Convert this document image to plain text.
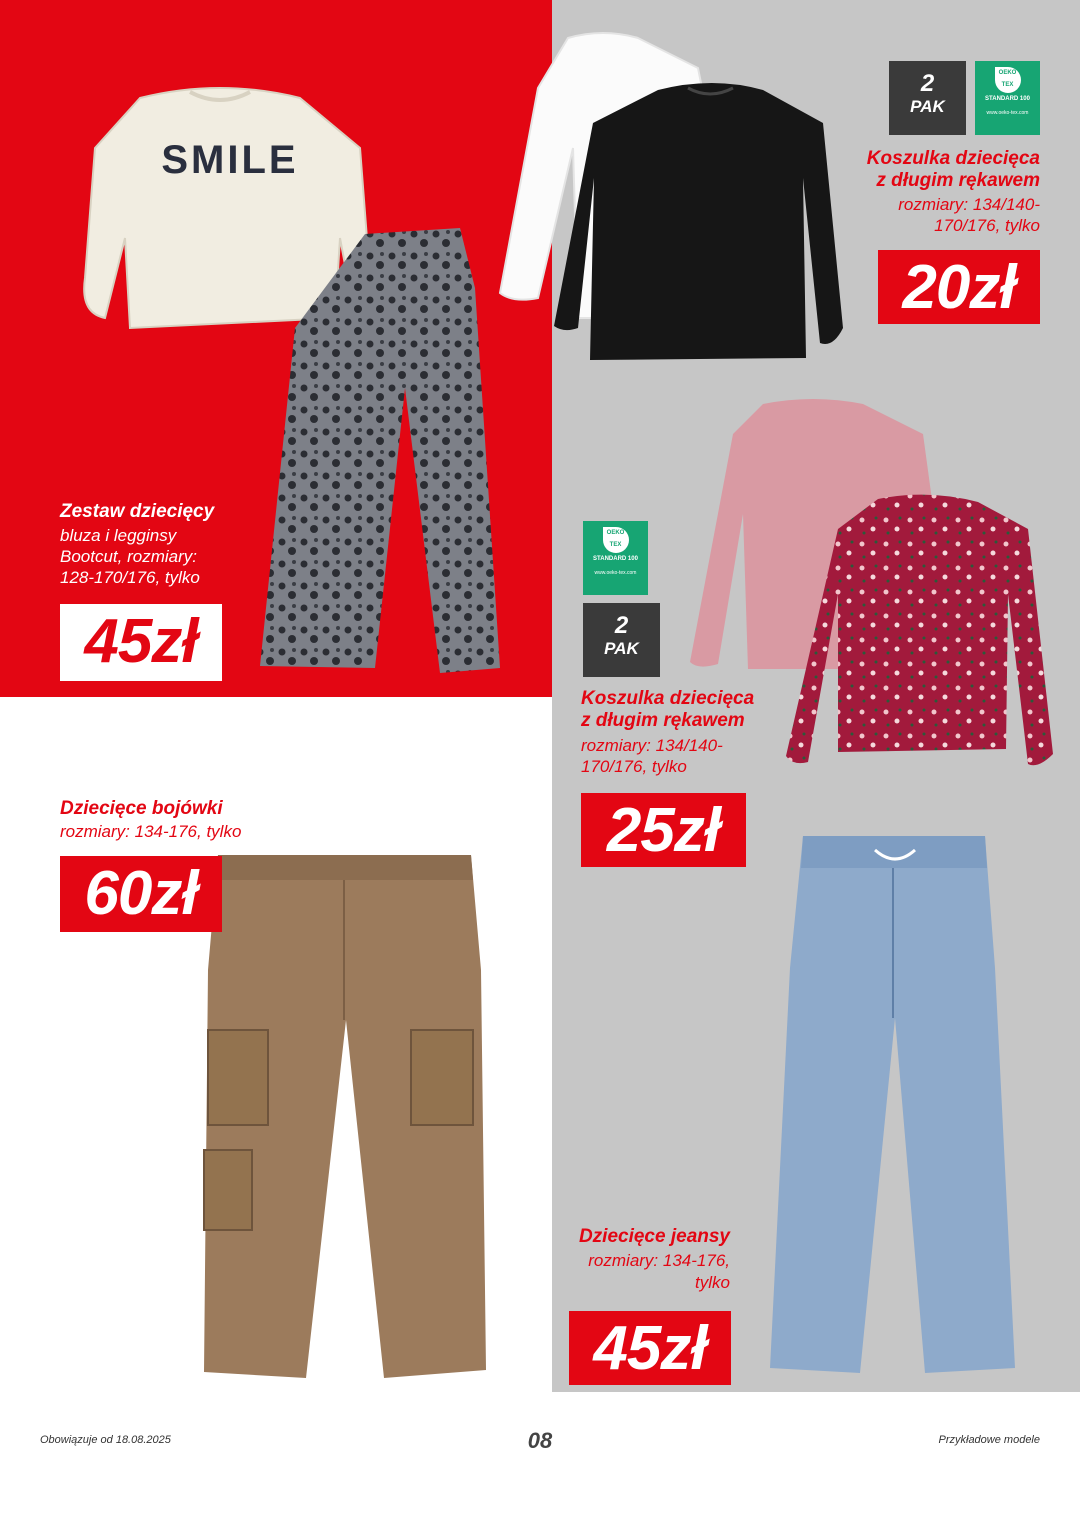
SMILE
Zestaw dziecięcy
bluza i legginsy
Bootcut, rozmiary:
128-170/176, tylko
45zł
2
PAK
OEKO TEX
STANDARD 100
www.oeko-tex.com
Koszulka dziecięca
z długim rękawem
rozmiary: 134/140-
170/176, tylko
20zł
OEKO TEX
STANDARD 100
www.oeko-tex.com
2
PAK
Koszulka dziecięca
z długim rękawem
rozmiary: 134/140-
170/176, tylko
25zł
Dziecięce bojówki
rozmiary: 134-176, tylko
60zł
Dziecięce jeansy
rozmiary: 134-176,
tylko
45zł
Obowiązuje od 18.08.2025	08	Przykładowe modele
